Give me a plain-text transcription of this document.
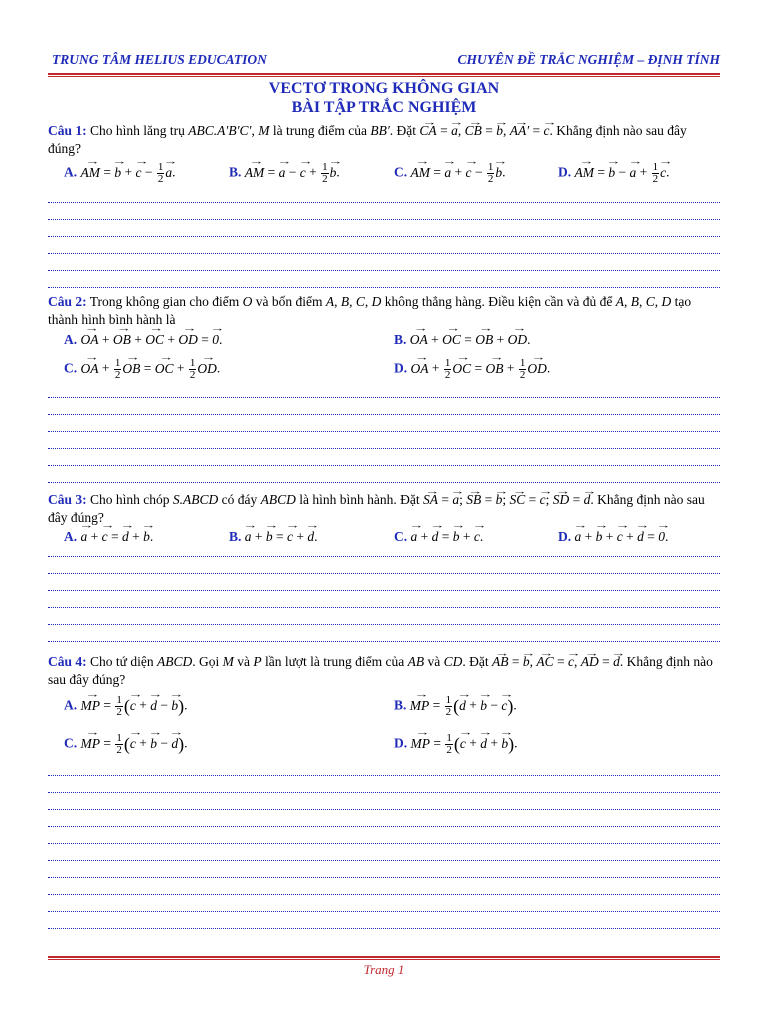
TRUNG TÂM HELIUS EDUCATION	CHUYÊN ĐỀ TRẮC NGHIỆM – ĐỊNH TÍNH
VECTƠ TRONG KHÔNG GIAN
BÀI TẬP TRẮC NGHIỆM
Câu 1: Cho hình lăng trụ ABC.A′B′C′, M là trung điểm của BB′. Đặt → CA = → a, → CB = → b, → AA′ = → c. Khẳng định nào sau đây đúng?
A. → AM = → b + → $c - \frac{1}{2}$
→ a.	B. → AM = → a − → $c + \frac{1}{2}$
→ b.	C. → AM = → a + → $c - \frac{1}{2}$
→ b.	D. → AM = → b − → $a + \frac{1}{2}$
→ c.
Câu 2: Trong không gian cho điểm O và bốn điểm A, B, C, D không thẳng hàng. Điều kiện cần và đủ để A, B, C, D tạo thành hình bình hành là
A. → OA + → OB + → OC + → OD = → 0.	B. → OA + → OC = → OB + → OD.
C. → OA + $\frac{1}{2}$
→ OB = → OC + $\frac{1}{2}$
→ OD.	D. → OA + $\frac{1}{2}$
→ OC = → OB + $\frac{1}{2}$
→ OD.
Câu 3: Cho hình chóp S.ABCD có đáy ABCD là hình bình hành. Đặt → SA = → a; → SB = → b; → SC = → c; → SD = → d. Khẳng định nào sau đây đúng?
A. → a + → c = → d + → b.	B. → a + → b = → c + → d.	C. → a + → d = → b + → c.	D. → a + → b + → c + → d = → 0.
Câu 4: Cho tứ diện ABCD. Gọi M và P lần lượt là trung điểm của AB và CD. Đặt → AB = → b, → AC = → c, → AD = → d. Khẳng định nào sau đây đúng?
A. → MP = $\frac{1}{2}$ (→ c + → d − → b).	B. → MP = $\frac{1}{2}$ (→ d + → b − → c).
C. → MP = $\frac{1}{2}$ (→ c + → b − → d).	D. → MP = $\frac{1}{2}$ (→ c + → d + → b).
Trang 1
